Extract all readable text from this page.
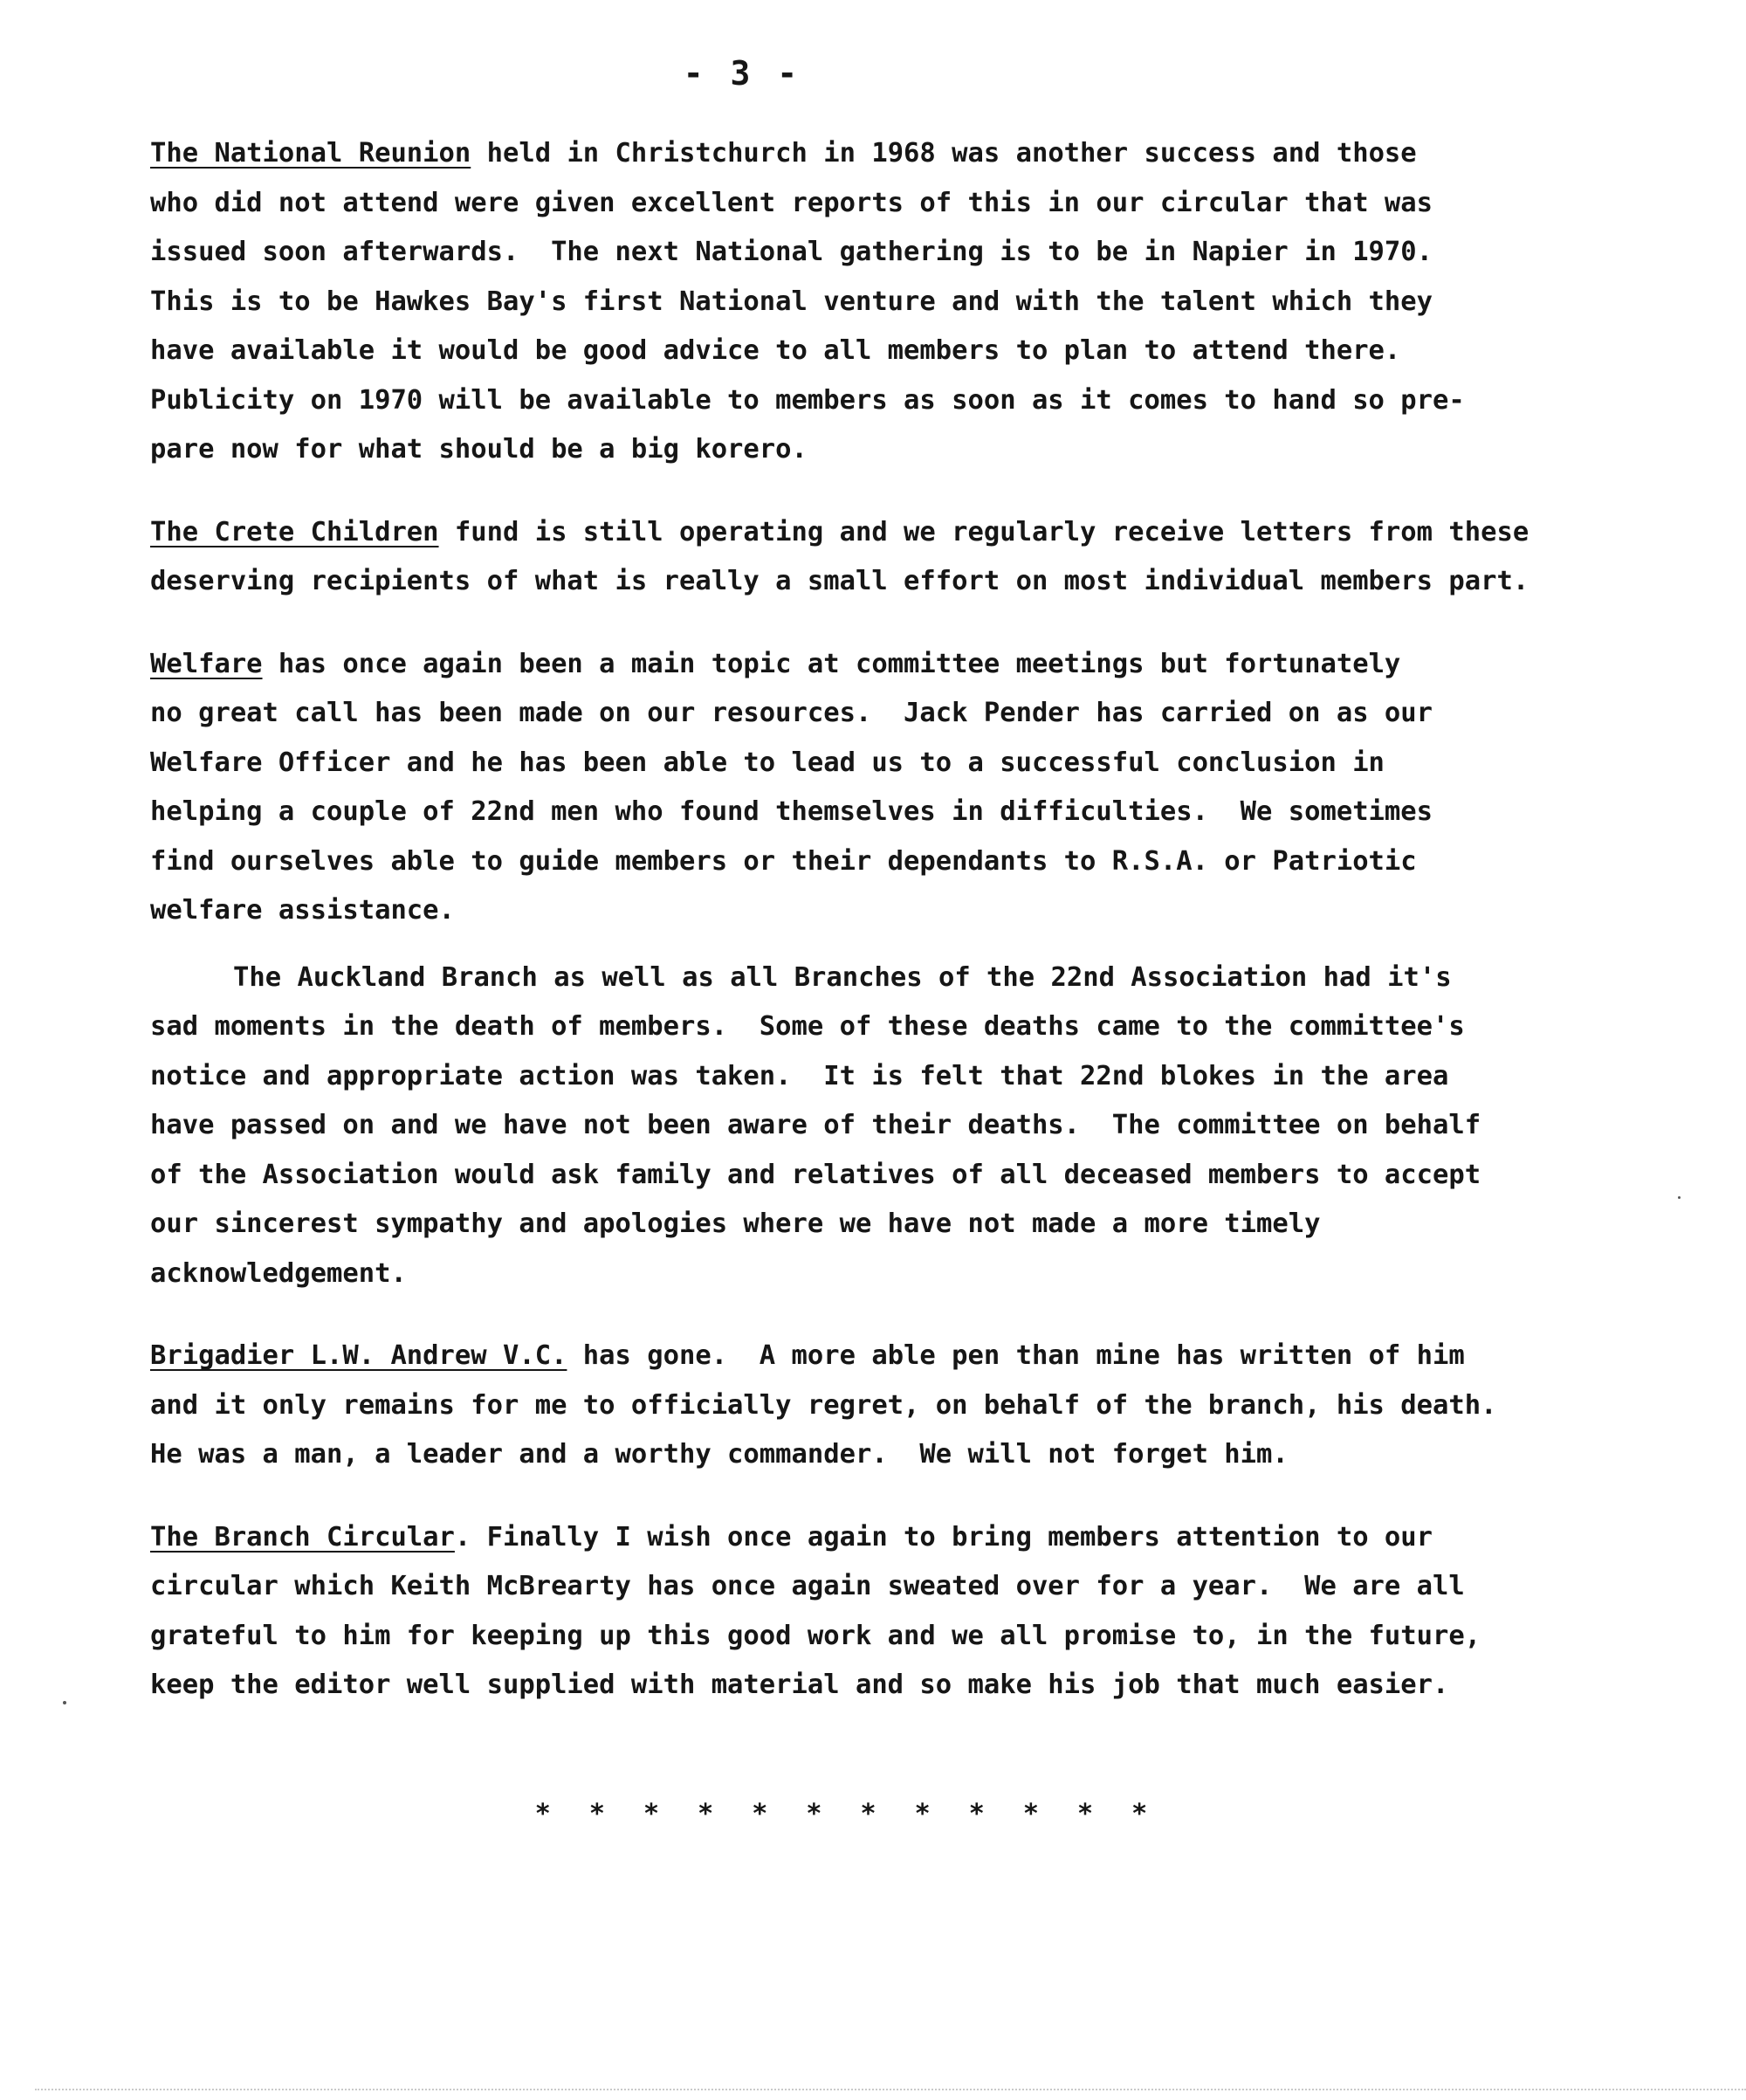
- 3 -
The National Reunion held in Christchurch in 1968 was another success and those
who did not attend were given excellent reports of this in our circular that was
issued soon afterwards.  The next National gathering is to be in Napier in 1970.
This is to be Hawkes Bay's first National venture and with the talent which they
have available it would be good advice to all members to plan to attend there.
Publicity on 1970 will be available to members as soon as it comes to hand so pre-
pare now for what should be a big korero.
The Crete Children fund is still operating and we regularly receive letters from these
deserving recipients of what is really a small effort on most individual members part.
Welfare has once again been a main topic at committee meetings but fortunately
no great call has been made on our resources.  Jack Pender has carried on as our
Welfare Officer and he has been able to lead us to a successful conclusion in
helping a couple of 22nd men who found themselves in difficulties.  We sometimes
find ourselves able to guide members or their dependants to R.S.A. or Patriotic
welfare assistance.
The Auckland Branch as well as all Branches of the 22nd Association had it's
sad moments in the death of members.  Some of these deaths came to the committee's
notice and appropriate action was taken.  It is felt that 22nd blokes in the area
have passed on and we have not been aware of their deaths.  The committee on behalf
of the Association would ask family and relatives of all deceased members to accept
our sincerest sympathy and apologies where we have not made a more timely
acknowledgement.
Brigadier L.W. Andrew V.C. has gone.  A more able pen than mine has written of him
and it only remains for me to officially regret, on behalf of the branch, his death.
He was a man, a leader and a worthy commander.  We will not forget him.
The Branch Circular. Finally I wish once again to bring members attention to our
circular which Keith McBrearty has once again sweated over for a year.  We are all
grateful to him for keeping up this good work and we all promise to, in the future,
keep the editor well supplied with material and so make his job that much easier.
* * * * * * * * * * * *
